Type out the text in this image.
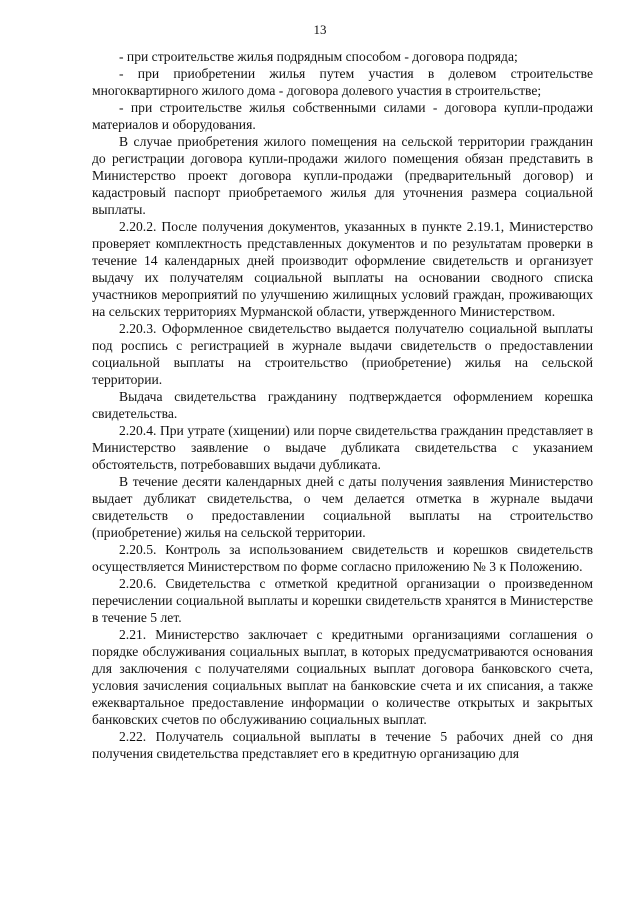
13

- при строительстве жилья подрядным способом - договора подряда;

- при приобретении жилья путем участия в долевом строительстве многоквартирного жилого дома - договора долевого участия в строительстве;

- при строительстве жилья собственными силами - договора купли-продажи материалов и оборудования.

В случае приобретения жилого помещения на сельской территории гражданин до регистрации договора купли-продажи жилого помещения обязан представить в Министерство проект договора купли-продажи (предварительный договор) и кадастровый паспорт приобретаемого жилья для уточнения размера социальной выплаты.

2.20.2. После получения документов, указанных в пункте 2.19.1, Министерство проверяет комплектность представленных документов и по результатам проверки в течение 14 календарных дней производит оформление свидетельств и организует выдачу их получателям социальной выплаты на основании сводного списка участников мероприятий по улучшению жилищных условий граждан, проживающих на сельских территориях Мурманской области, утвержденного Министерством.

2.20.3. Оформленное свидетельство выдается получателю социальной выплаты под роспись с регистрацией в журнале выдачи свидетельств о предоставлении социальной выплаты на строительство (приобретение) жилья на сельской территории.

Выдача свидетельства гражданину подтверждается оформлением корешка свидетельства.

2.20.4. При утрате (хищении) или порче свидетельства гражданин представляет в Министерство заявление о выдаче дубликата свидетельства с указанием обстоятельств, потребовавших выдачи дубликата.

В течение десяти календарных дней с даты получения заявления Министерство выдает дубликат свидетельства, о чем делается отметка в журнале выдачи свидетельств о предоставлении социальной выплаты на строительство (приобретение) жилья на сельской территории.

2.20.5. Контроль за использованием свидетельств и корешков свидетельств осуществляется Министерством по форме согласно приложению № 3 к Положению.

2.20.6. Свидетельства с отметкой кредитной организации о произведенном перечислении социальной выплаты и корешки свидетельств хранятся в Министерстве в течение 5 лет.

2.21. Министерство заключает с кредитными организациями соглашения о порядке обслуживания социальных выплат, в которых предусматриваются основания для заключения с получателями социальных выплат договора банковского счета, условия зачисления социальных выплат на банковские счета и их списания, а также ежеквартальное предоставление информации о количестве открытых и закрытых банковских счетов по обслуживанию социальных выплат.

2.22. Получатель социальной выплаты в течение 5 рабочих дней со дня получения свидетельства представляет его в кредитную организацию для
